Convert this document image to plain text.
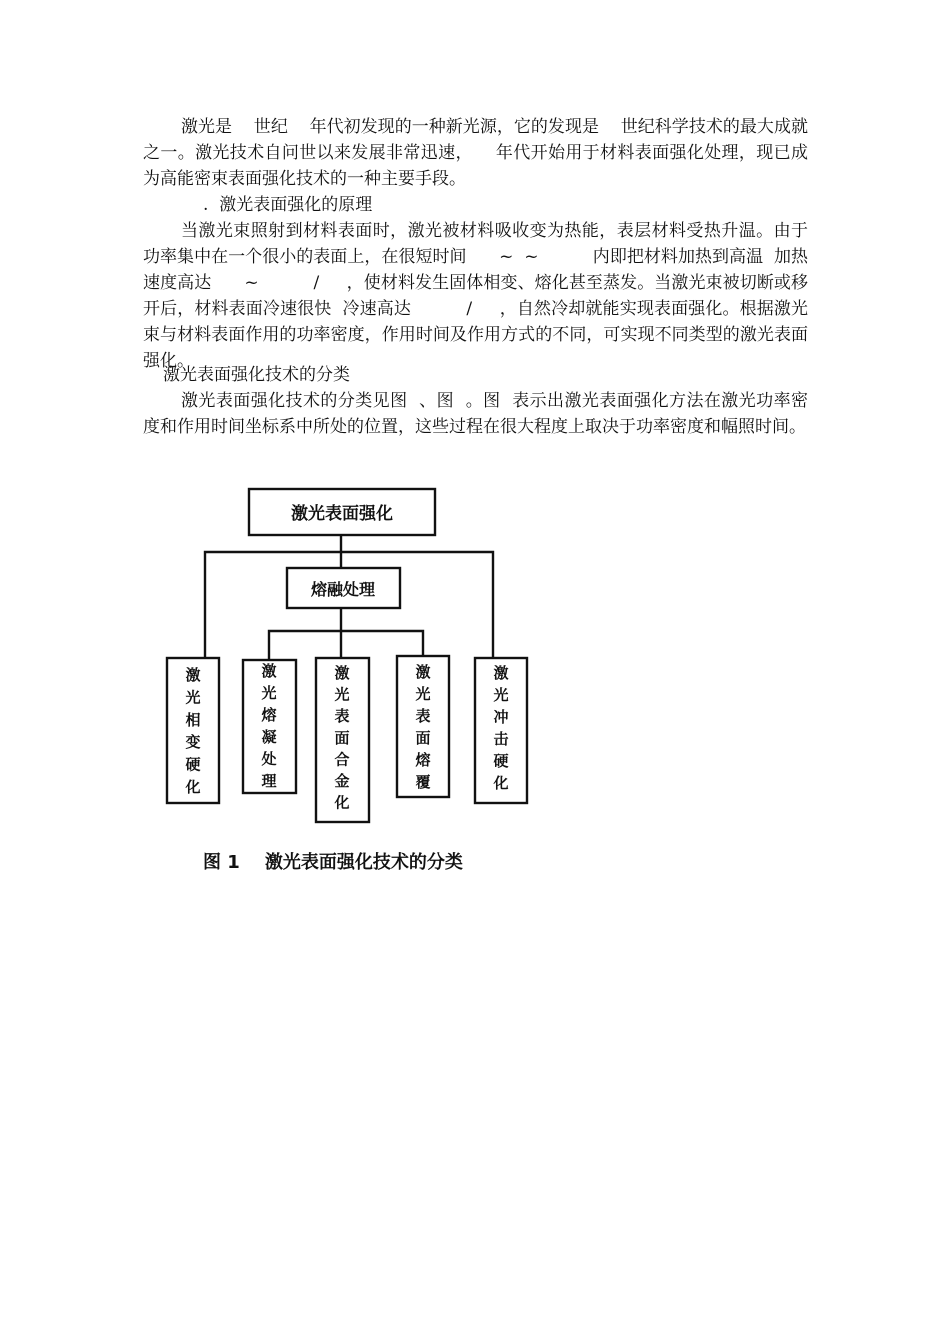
激光是    世纪    年代初发现的一种新光源，它的发现是    世纪科学技术的最大成就之一。激光技术自问世以来发展非常迅速，    年代开始用于材料表面强化处理，现已成为高能密束表面强化技术的一种主要手段。

.  激光表面强化的原理

当激光束照射到材料表面时，激光被材料吸收变为热能，表层材料受热升温。由于功率集中在一个很小的表面上，在很短时间      ~  ~          内即把材料加热到高温  加热速度高达      ~          /     ，使材料发生固体相变、熔化甚至蒸发。当激光束被切断或移开后，材料表面冷速很快  冷速高达          /     ，自然冷却就能实现表面强化。根据激光束与材料表面作用的功率密度，作用时间及作用方式的不同，可实现不同类型的激光表面强化。

激光表面强化技术的分类

激光表面强化技术的分类见图  、图  。图  表示出激光表面强化方法在激光功率密度和作用时间坐标系中所处的位置，这些过程在很大程度上取决于功率密度和幅照时间。

激光表面强化
熔融处理
激光相变硬化
激光熔凝处理
激光表面合金化
激光表面熔覆
激光冲击硬化
图 1    激光表面强化技术的分类
